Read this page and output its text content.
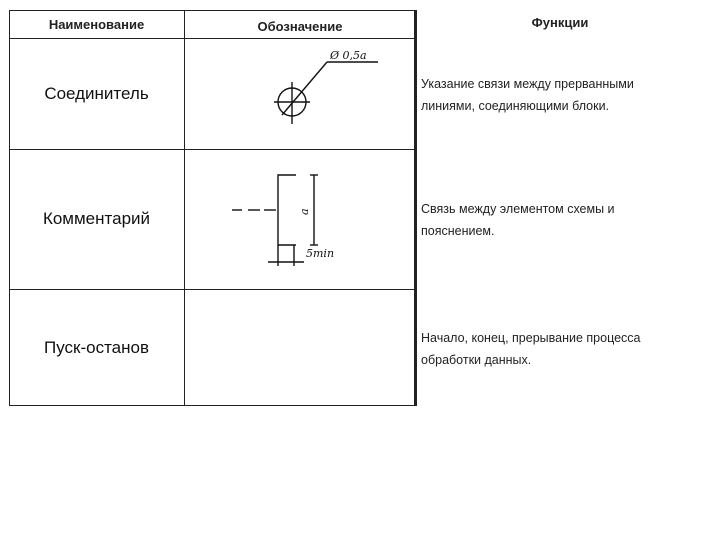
Наименование	Обозначение	Функции
Соединитель
Комментарий
Пуск-останов
Указание связи между прерванными линиями, соединяющими блоки.
Связь между элементом схемы и пояснением.
Начало, конец, прерывание процесса обработки данных.
Ø 0,5a
a
5min
